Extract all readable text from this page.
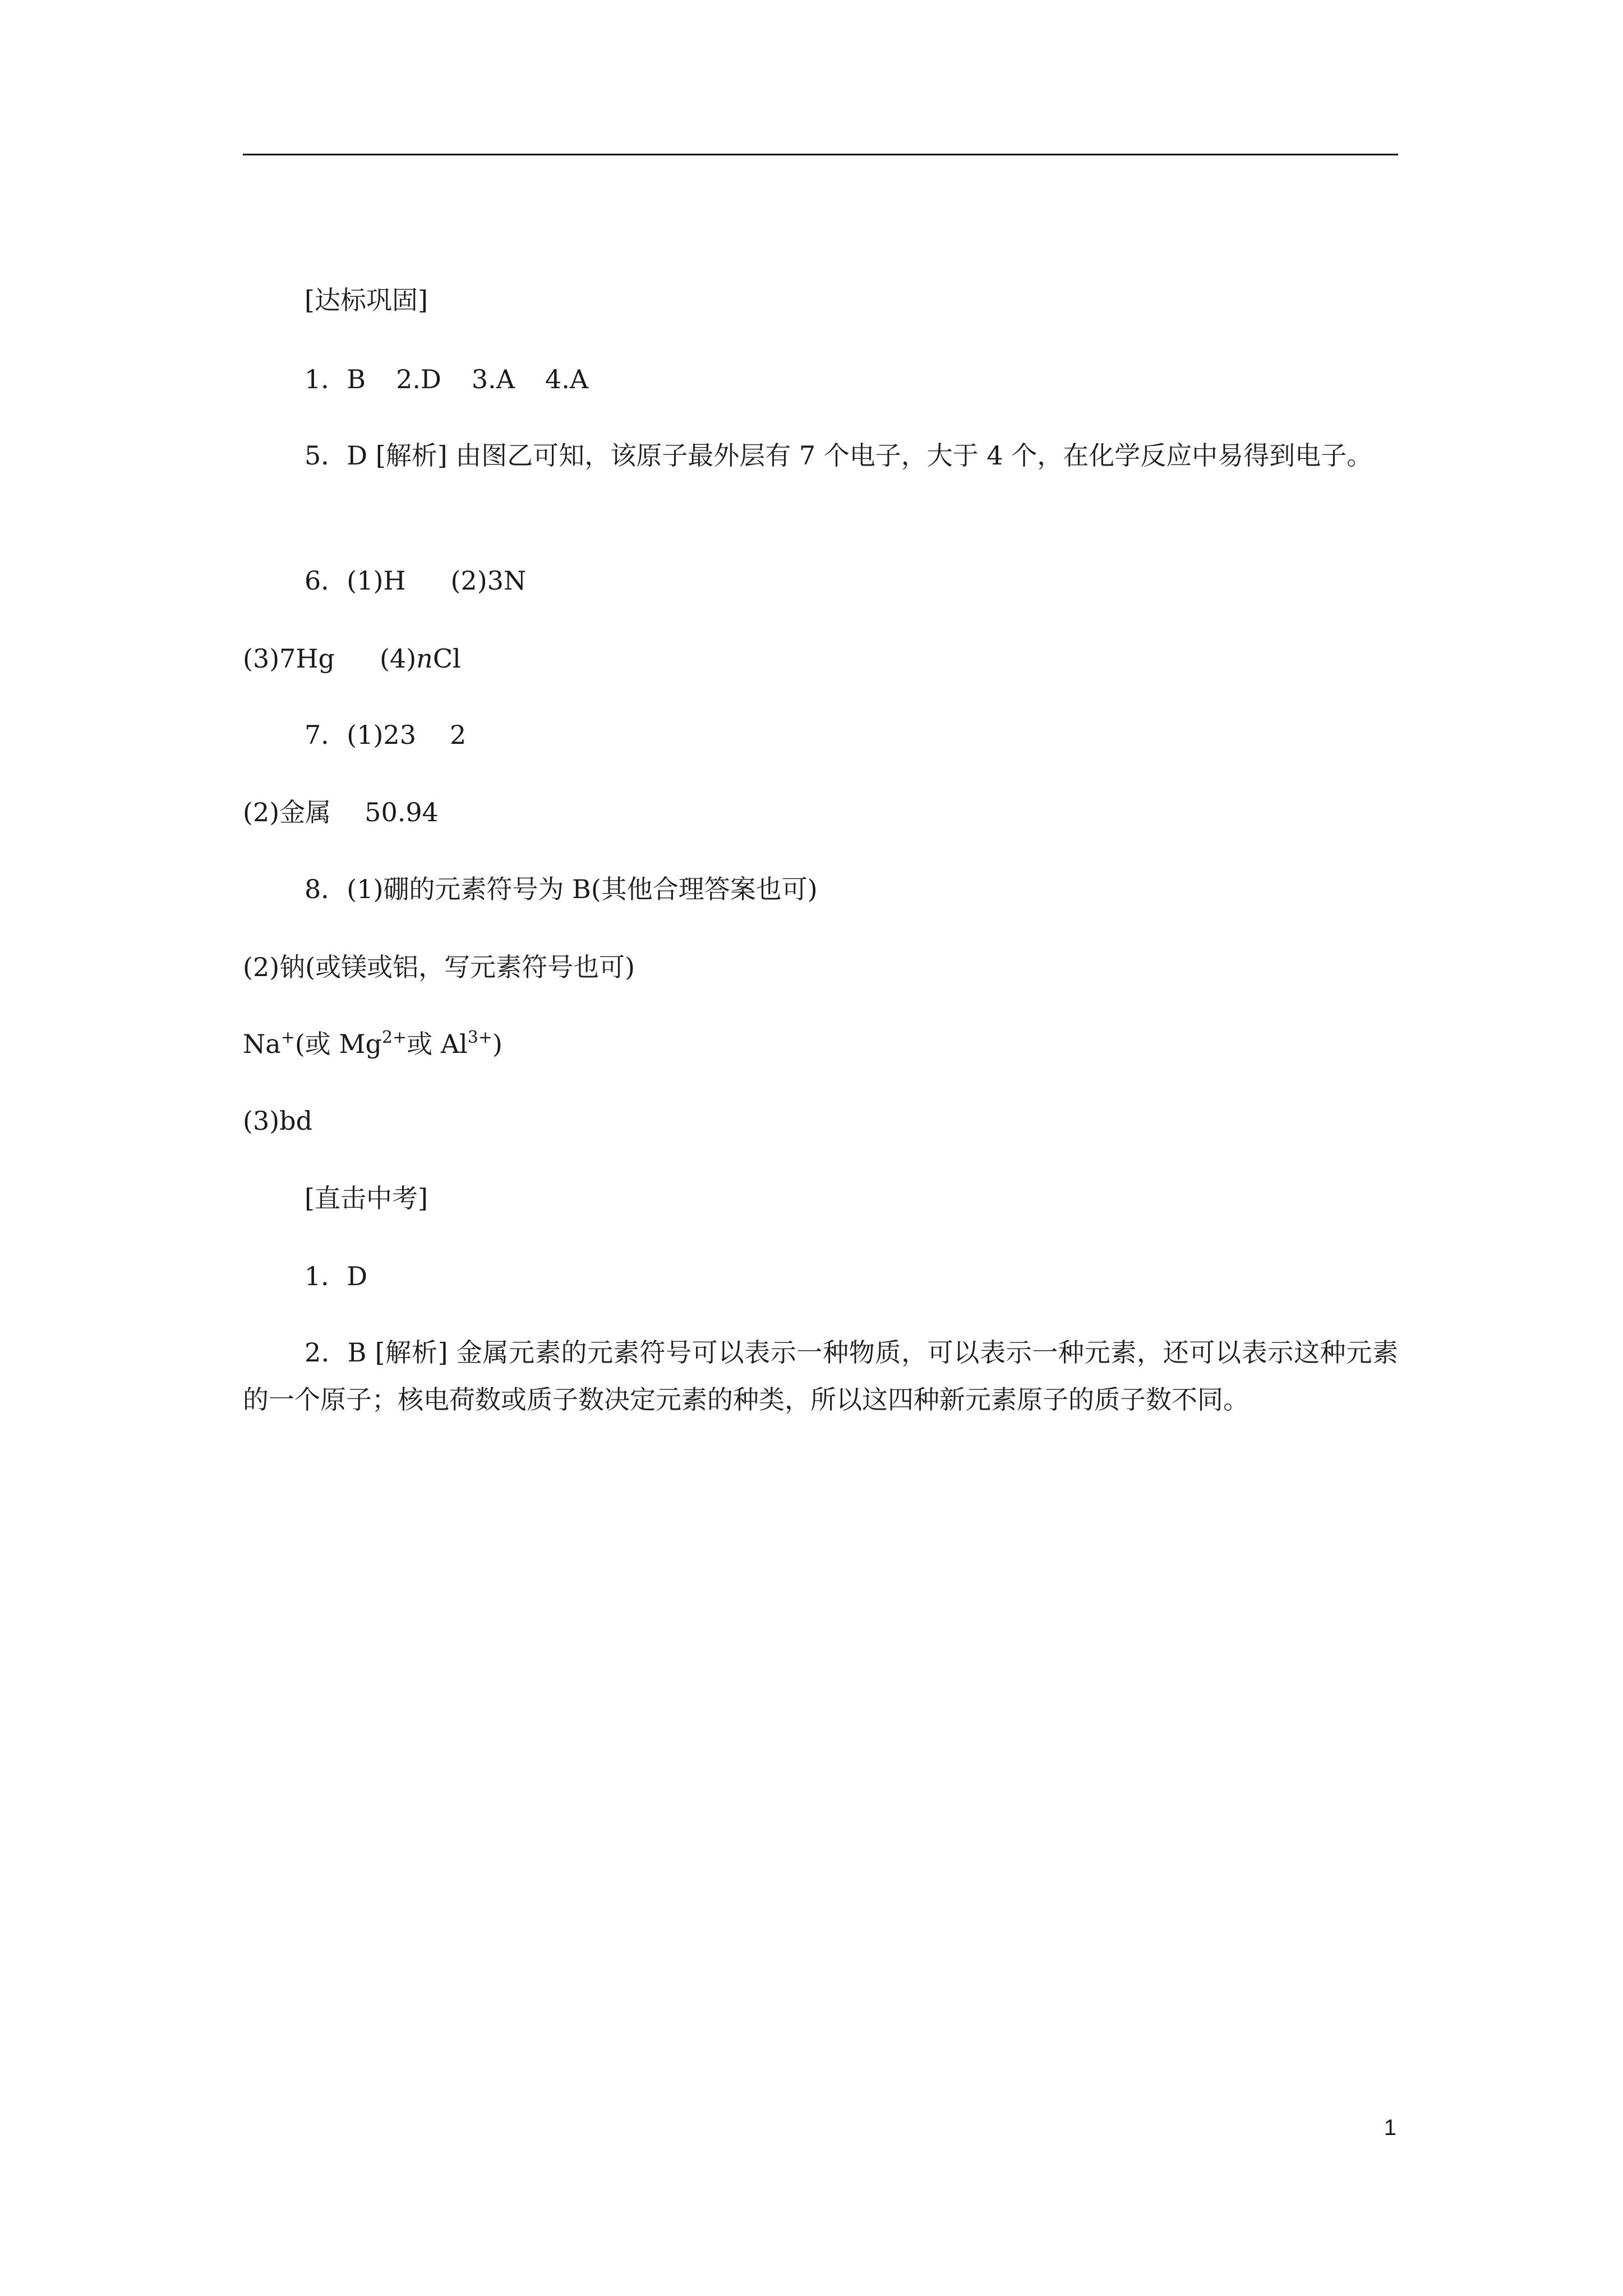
[达标巩固]
1．B 2.D 3.A 4.A
5．D [解析] 由图乙可知，该原子最外层有 7 个电子，大于 4 个，在化学反应中易得到电子。
6．(1)H (2)3N
(3)7Hg (4)nCl
7．(1)23 2
(2)金属 50.94
8．(1)硼的元素符号为 B(其他合理答案也可)
(2)钠(或镁或铝，写元素符号也可)
Na+(或 $Mg^{2+}$或 $Al^{3+}$)
(3)bd
[直击中考]
1．D
2．B [解析] 金属元素的元素符号可以表示一种物质，可以表示一种元素，还可以表示这种元素的一个原子；核电荷数或质子数决定元素的种类，所以这四种新元素原子的质子数不同。
1
